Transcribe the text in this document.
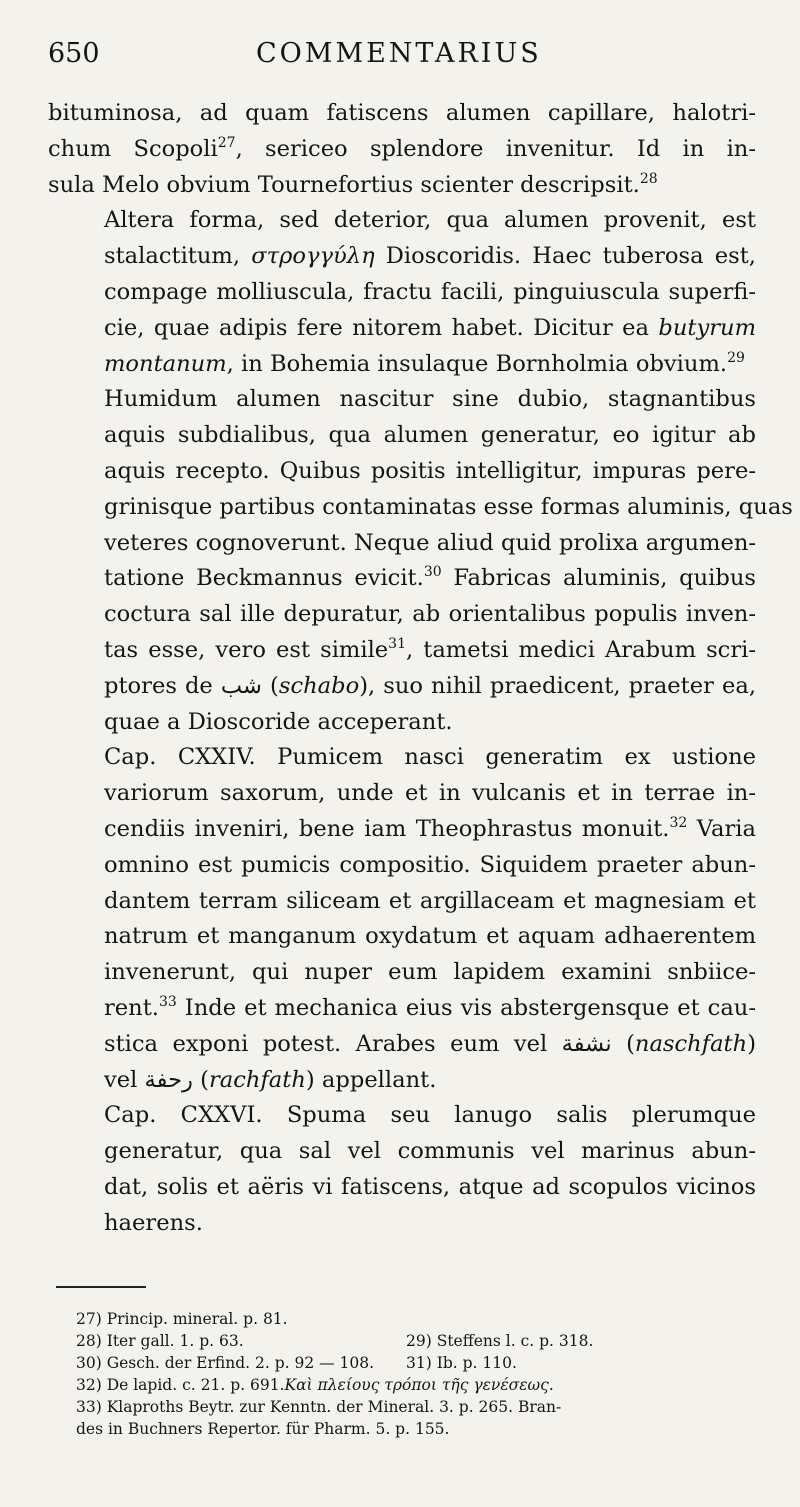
650	COMMENTARIUS

bituminosa, ad quam fatiscens alumen capillare, halotri-
chum Scopoli$^{27}$, sericeo splendore invenitur. Id in in-
sula Melo obvium Tournefortius scienter descripsit.$^{28}$

Altera forma, sed deterior, qua alumen provenit, est
stalactitum, στρογγύλη Dioscoridis. Haec tuberosa est,
compage molliuscula, fractu facili, pinguiuscula superfi-
cie, quae adipis fere nitorem habet. Dicitur ea butyrum
montanum, in Bohemia insulaque Bornholmia obvium.$^{29}$

Humidum alumen nascitur sine dubio, stagnantibus
aquis subdialibus, qua alumen generatur, eo igitur ab
aquis recepto. Quibus positis intelligitur, impuras pere-
grinisque partibus contaminatas esse formas aluminis, quas
veteres cognoverunt. Neque aliud quid prolixa argumen-
tatione Beckmannus evicit.$^{30}$ Fabricas aluminis, quibus
coctura sal ille depuratur, ab orientalibus populis inven-
tas esse, vero est simile$^{31}$, tametsi medici Arabum scri-
ptores de شب (schabo), suo nihil praedicent, praeter ea,
quae a Dioscoride acceperant.

Cap. CXXIV. Pumicem nasci generatim ex ustione
variorum saxorum, unde et in vulcanis et in terrae in-
cendiis inveniri, bene iam Theophrastus monuit.$^{32}$ Varia
omnino est pumicis compositio. Siquidem praeter abun-
dantem terram siliceam et argillaceam et magnesiam et
natrum et manganum oxydatum et aquam adhaerentem
invenerunt, qui nuper eum lapidem examini snbiice-
rent.$^{33}$ Inde et mechanica eius vis abstergensque et cau-
stica exponi potest. Arabes eum vel نشفة (naschfath)
vel رحفة (rachfath) appellant.

Cap. CXXVI. Spuma seu lanugo salis plerumque
generatur, qua sal vel communis vel marinus abun-
dat, solis et aëris vi fatiscens, atque ad scopulos vicinos
haerens.

27) Princip. mineral. p. 81.
28) Iter gall. 1. p. 63.	29) Steffens l. c. p. 318.
30) Gesch. der Erfind. 2. p. 92 — 108.	31) Ib. p. 110.
32) De lapid. c. 21. p. 691. Καὶ πλείους τρόποι τῆς γενέσεως.
33) Klaproths Beytr. zur Kenntn. der Mineral. 3. p. 265. Bran-
des in Buchners Repertor. für Pharm. 5. p. 155.
